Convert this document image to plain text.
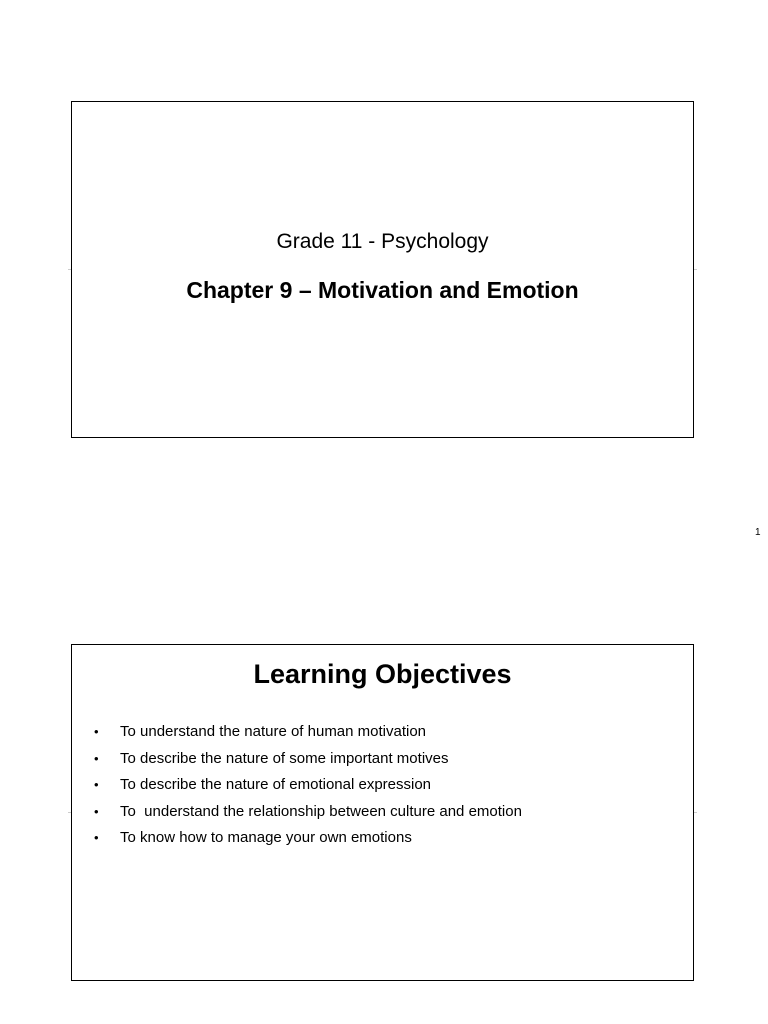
Grade 11 - Psychology
Chapter 9 – Motivation and Emotion
1
Learning Objectives
•	To understand the nature of human motivation
•	To describe the nature of some important motives
•	To describe the nature of emotional expression
•	To  understand the relationship between culture and emotion
•	To know how to manage your own emotions
